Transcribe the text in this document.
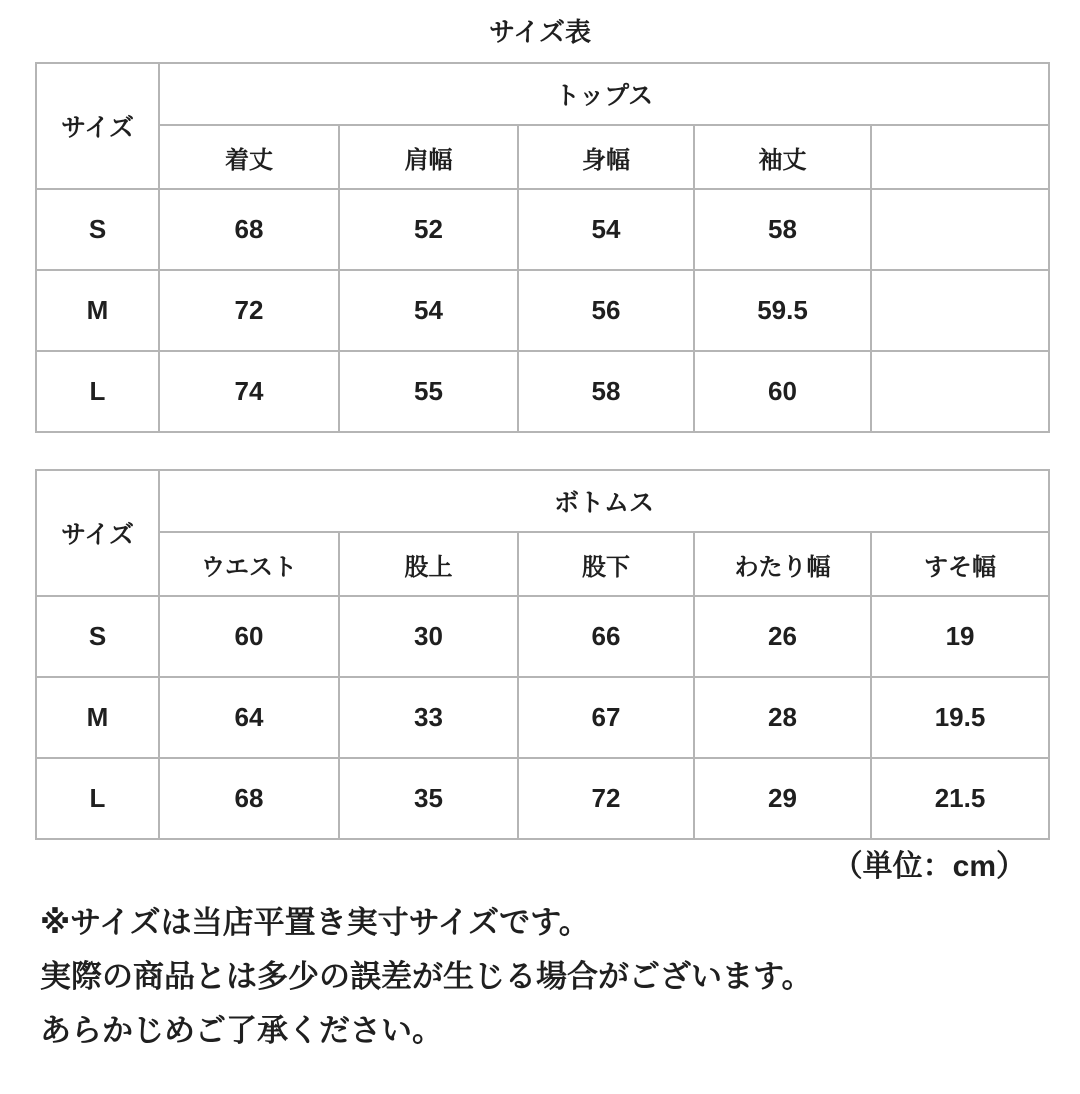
サイズ表
サイズ	トップス				
	着丈	肩幅	身幅	袖丈	
S	68	52	54	58	
M	72	54	56	59.5	
L	74	55	58	60	
サイズ	ボトムス				
	ウエスト	股上	股下	わたり幅	すそ幅
S	60	30	66	26	19
M	64	33	67	28	19.5
L	68	35	72	29	21.5
（単位：cm）

※サイズは当店平置き実寸サイズです。

実際の商品とは多少の誤差が生じる場合がございます。

あらかじめご了承ください。
